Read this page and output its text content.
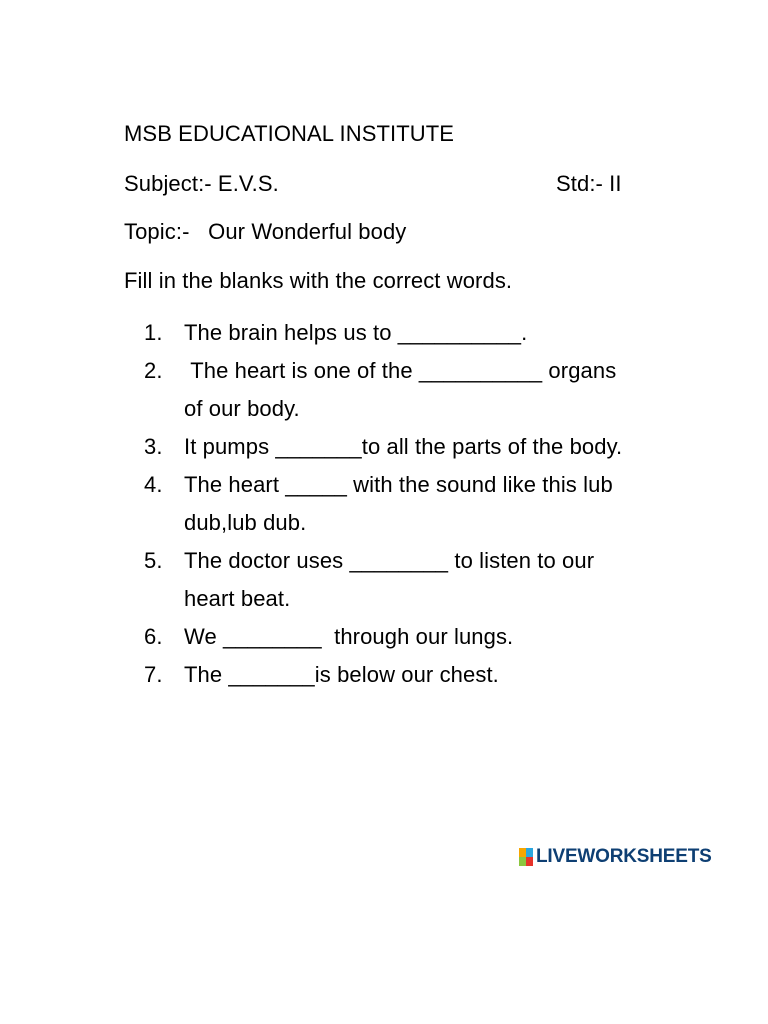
MSB EDUCATIONAL INSTITUTE
Subject:- E.V.S.	Std:- II
Topic:-   Our Wonderful body
Fill in the blanks with the correct words.
1. The brain helps us to __________.
2. The heart is one of the __________ organs of our body.
3. It pumps _______to all the parts of the body.
4. The heart _____ with the sound like this lub dub,lub dub.
5. The doctor uses ________ to listen to our heart beat.
6. We ________  through our lungs.
7. The _______is below our chest.
LIVEWORKSHEETS
